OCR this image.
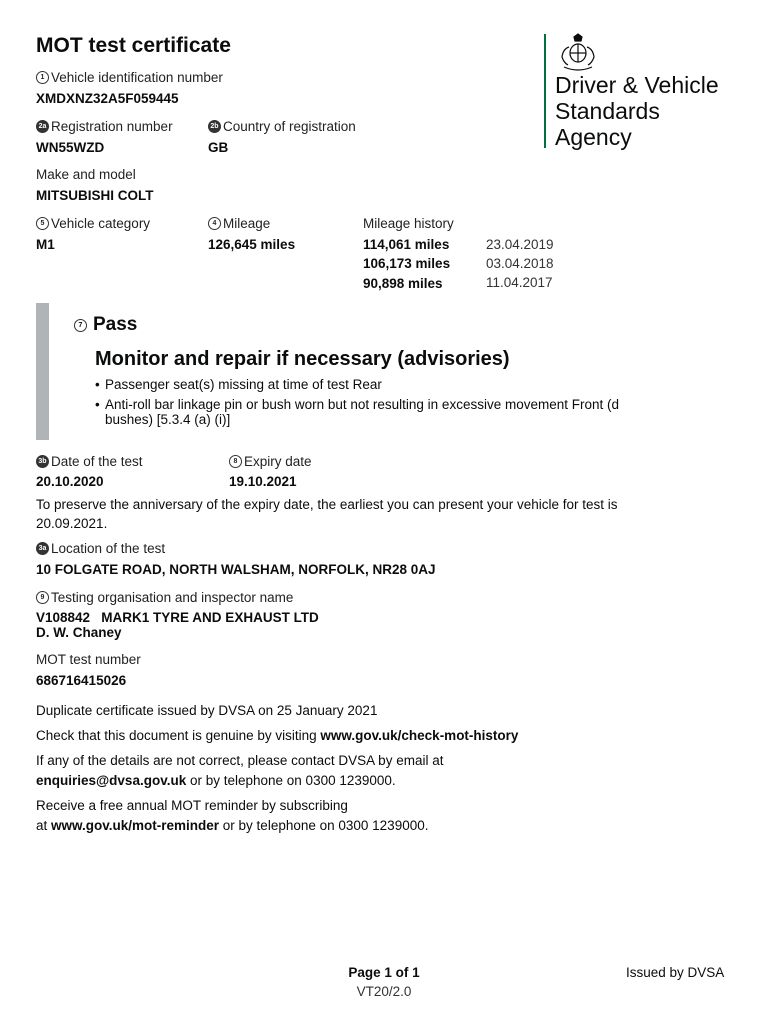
MOT test certificate
Driver & Vehicle
Standards
Agency
1 Vehicle identification number
XMDXNZ32A5F059445
2a Registration number
WN55WZD
2b Country of registration
GB
Make and model
MITSUBISHI COLT
5 Vehicle category
M1
4 Mileage
126,645 miles
Mileage history
114,061 miles	23.04.2019
106,173 miles	03.04.2018
90,898 miles	11.04.2017
7 Pass
Monitor and repair if necessary (advisories)
• Passenger seat(s) missing at time of test Rear
• Anti-roll bar linkage pin or bush worn but not resulting in excessive movement Front (d
bushes) [5.3.4 (a) (i)]
3b Date of the test
20.10.2020
8 Expiry date
19.10.2021
To preserve the anniversary of the expiry date, the earliest you can present your vehicle for test is
20.09.2021.
3a Location of the test
10 FOLGATE ROAD, NORTH WALSHAM, NORFOLK, NR28 0AJ
9 Testing organisation and inspector name
V108842   MARK1 TYRE AND EXHAUST LTD
D. W. Chaney
MOT test number
686716415026
Duplicate certificate issued by DVSA on 25 January 2021
Check that this document is genuine by visiting www.gov.uk/check-mot-history
If any of the details are not correct, please contact DVSA by email at
enquiries@dvsa.gov.uk or by telephone on 0300 1239000.
Receive a free annual MOT reminder by subscribing
at www.gov.uk/mot-reminder or by telephone on 0300 1239000.
Page 1 of 1
VT20/2.0
Issued by DVSA
